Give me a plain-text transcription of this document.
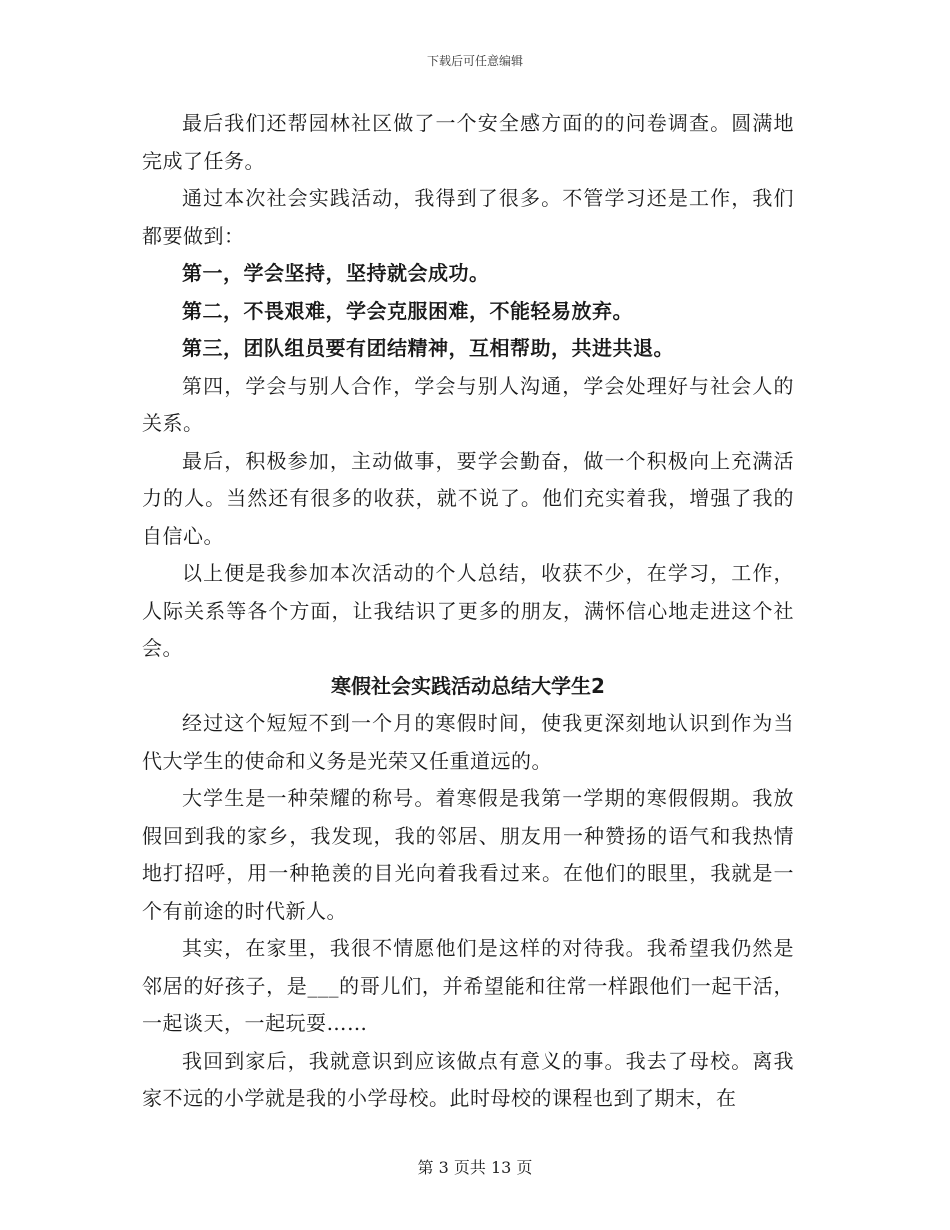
下载后可任意编辑

最后我们还帮园林社区做了一个安全感方面的的问卷调查。圆满地完成了任务。

通过本次社会实践活动，我得到了很多。不管学习还是工作，我们都要做到：

第一，学会坚持，坚持就会成功。

第二，不畏艰难，学会克服困难，不能轻易放弃。

第三，团队组员要有团结精神，互相帮助，共进共退。

第四，学会与别人合作，学会与别人沟通，学会处理好与社会人的关系。

最后，积极参加，主动做事，要学会勤奋，做一个积极向上充满活力的人。当然还有很多的收获，就不说了。他们充实着我，增强了我的自信心。

以上便是我参加本次活动的个人总结，收获不少，在学习，工作，人际关系等各个方面，让我结识了更多的朋友，满怀信心地走进这个社会。

寒假社会实践活动总结大学生2

经过这个短短不到一个月的寒假时间，使我更深刻地认识到作为当代大学生的使命和义务是光荣又任重道远的。

大学生是一种荣耀的称号。着寒假是我第一学期的寒假假期。我放假回到我的家乡，我发现，我的邻居、朋友用一种赞扬的语气和我热情地打招呼，用一种艳羡的目光向着我看过来。在他们的眼里，我就是一个有前途的时代新人。

其实，在家里，我很不情愿他们是这样的对待我。我希望我仍然是邻居的好孩子，是___的哥儿们，并希望能和往常一样跟他们一起干活，一起谈天，一起玩耍……

我回到家后，我就意识到应该做点有意义的事。我去了母校。离我家不远的小学就是我的小学母校。此时母校的课程也到了期末，在

第 3 页共 13 页
